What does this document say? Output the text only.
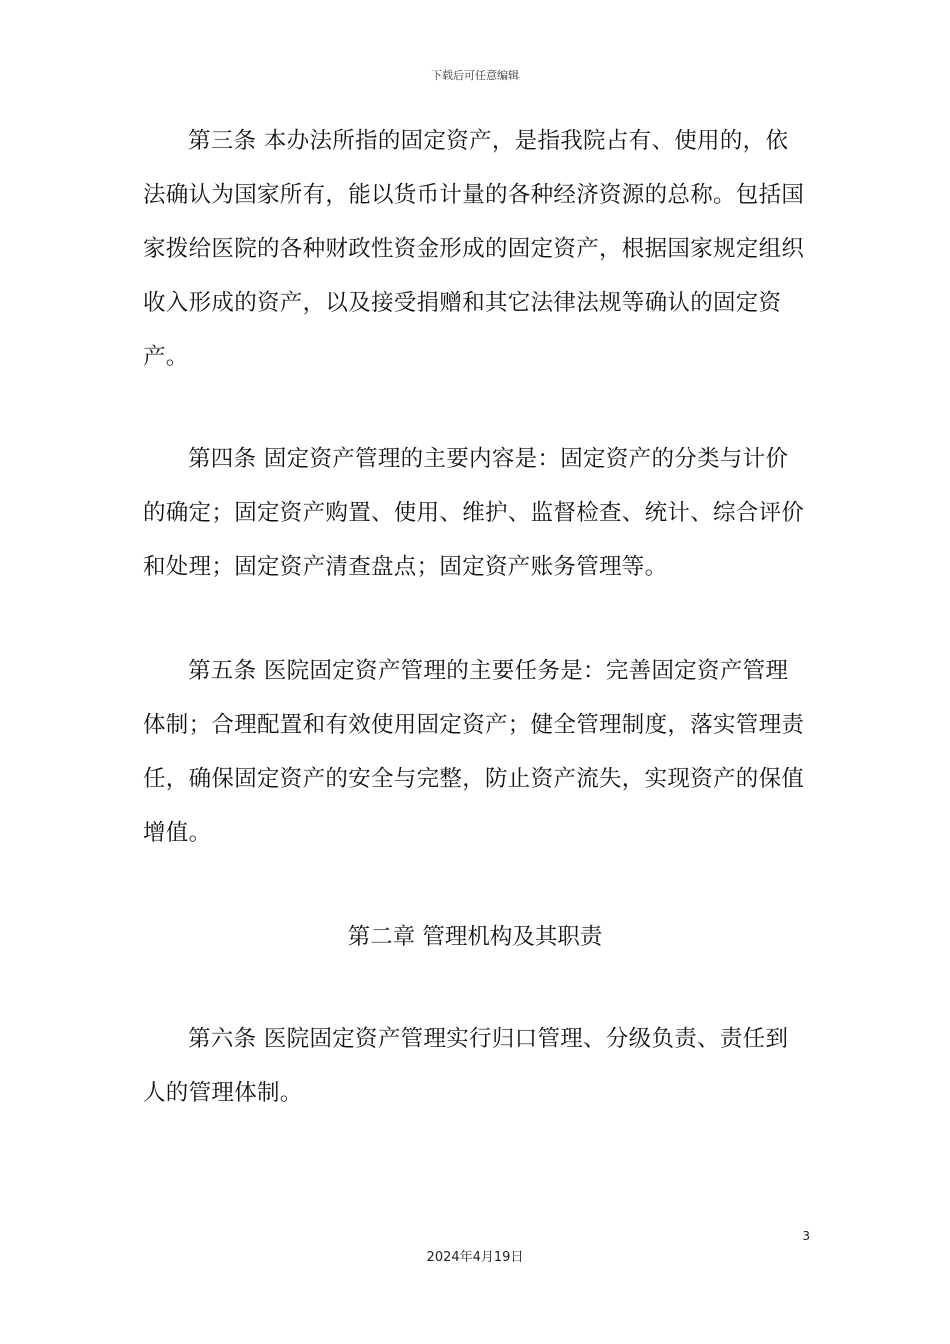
下载后可任意编辑

第三条 本办法所指的固定资产，是指我院占有、使用的，依法确认为国家所有，能以货币计量的各种经济资源的总称。包括国家拨给医院的各种财政性资金形成的固定资产，根据国家规定组织收入形成的资产，以及接受捐赠和其它法律法规等确认的固定资产。

第四条 固定资产管理的主要内容是：固定资产的分类与计价的确定；固定资产购置、使用、维护、监督检查、统计、综合评价和处理；固定资产清查盘点；固定资产账务管理等。

第五条 医院固定资产管理的主要任务是：完善固定资产管理体制；合理配置和有效使用固定资产；健全管理制度，落实管理责任，确保固定资产的安全与完整，防止资产流失，实现资产的保值增值。

第二章 管理机构及其职责

第六条 医院固定资产管理实行归口管理、分级负责、责任到人的管理体制。

3
2024年4月19日
